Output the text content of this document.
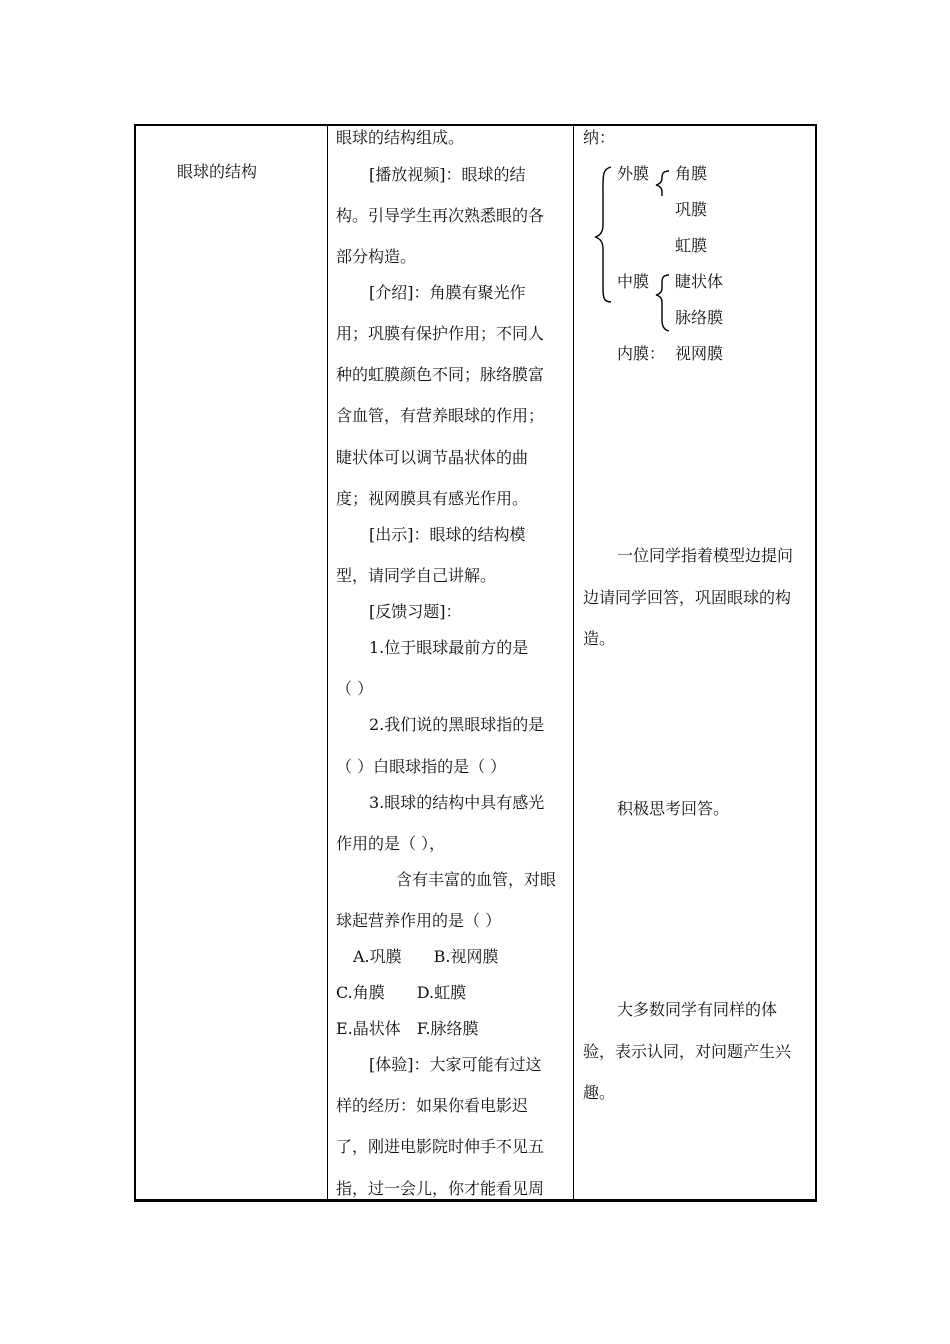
眼球的结构
眼球的结构组成。
[播放视频]：眼球的结
构。引导学生再次熟悉眼的各
部分构造。
[介绍]：角膜有聚光作
用；巩膜有保护作用；不同人
种的虹膜颜色不同；脉络膜富
含血管，有营养眼球的作用；
睫状体可以调节晶状体的曲
度；视网膜具有感光作用。
[出示]：眼球的结构模
型，请同学自己讲解。
[反馈习题]：
1.位于眼球最前方的是
（ ）
2.我们说的黑眼球指的是
（ ）白眼球指的是（ ）
3.眼球的结构中具有感光
作用的是（ ），
含有丰富的血管，对眼
球起营养作用的是（ ）
A.巩膜　　B.视网膜
C.角膜　　D.虹膜
E.晶状体　F.脉络膜
[体验]：大家可能有过这
样的经历：如果你看电影迟
了，刚进电影院时伸手不见五
指，过一会儿，你才能看见周
纳：
外膜 角膜
巩膜
虹膜
中膜 睫状体
脉络膜
内膜： 视网膜
一位同学指着模型边提问
边请同学回答，巩固眼球的构
造。
积极思考回答。
大多数同学有同样的体
验，表示认同，对问题产生兴
趣。
